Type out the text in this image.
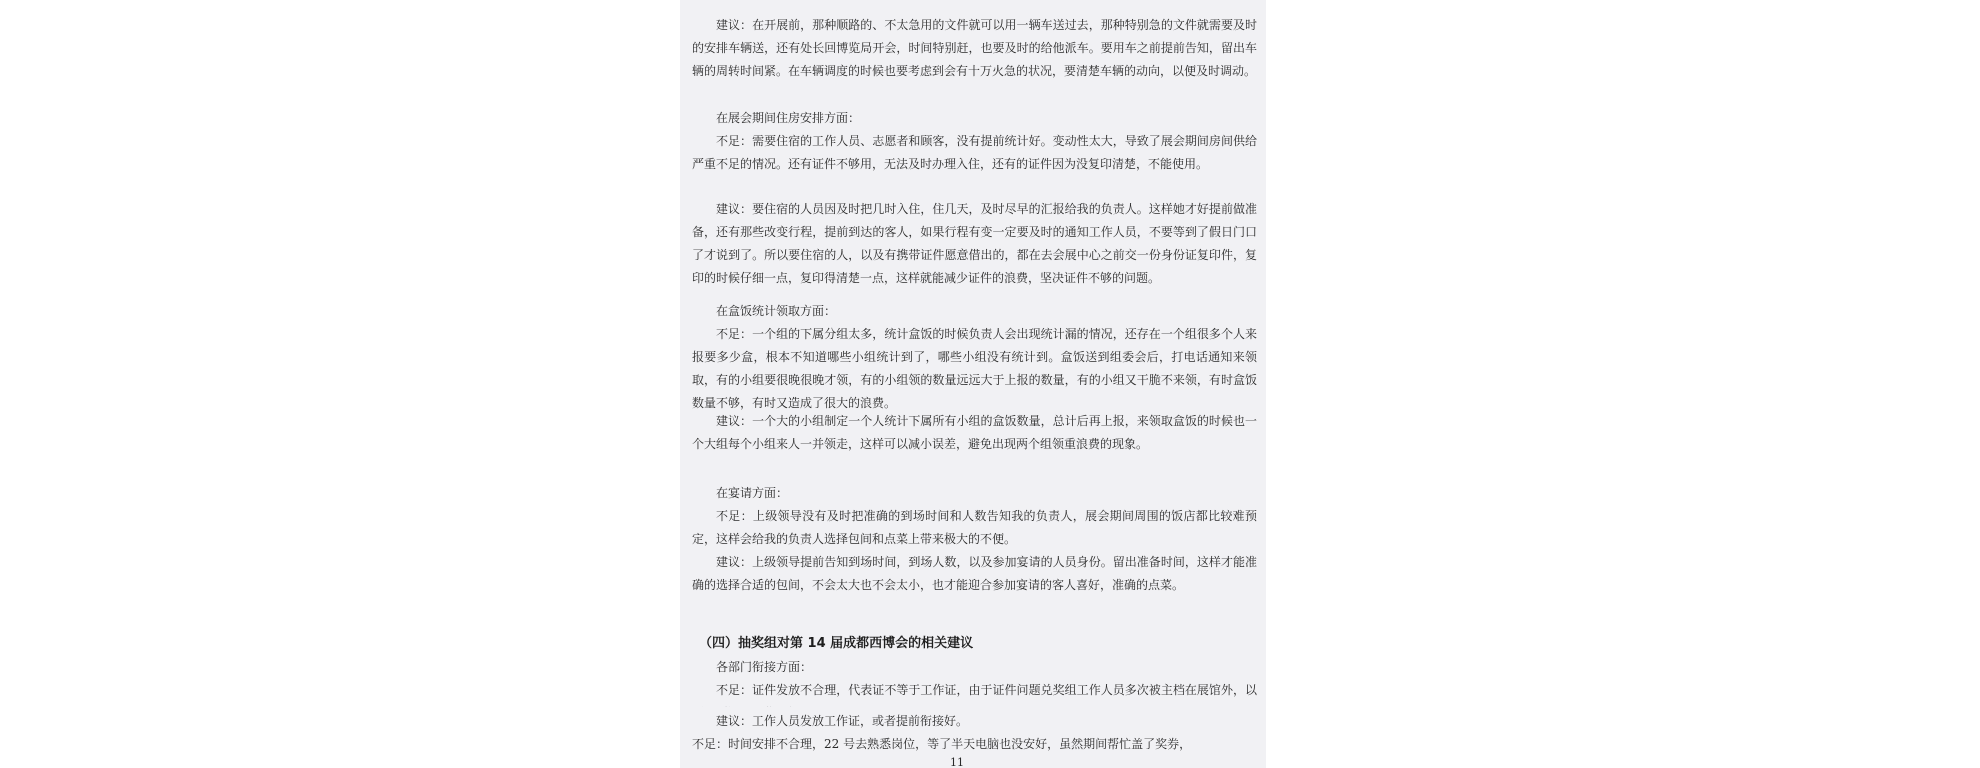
建议：在开展前，那种顺路的、不太急用的文件就可以用一辆车送过去，那种特别急的文件就需要及时的安排车辆送，还有处长回博览局开会，时间特别赶，也要及时的给他派车。要用车之前提前告知，留出车辆的周转时间紧。在车辆调度的时候也要考虑到会有十万火急的状况，要清楚车辆的动向，以便及时调动。

在展会期间住房安排方面：

不足：需要住宿的工作人员、志愿者和顾客，没有提前统计好。变动性太大，导致了展会期间房间供给严重不足的情况。还有证件不够用，无法及时办理入住，还有的证件因为没复印清楚，不能使用。

建议：要住宿的人员因及时把几时入住，住几天，及时尽早的汇报给我的负责人。这样她才好提前做准备，还有那些改变行程，提前到达的客人，如果行程有变一定要及时的通知工作人员，不要等到了假日门口了才说到了。所以要住宿的人，以及有携带证件愿意借出的，都在去会展中心之前交一份身份证复印件，复印的时候仔细一点，复印得清楚一点，这样就能减少证件的浪费，坚决证件不够的问题。

在盒饭统计领取方面：

不足：一个组的下属分组太多，统计盒饭的时候负责人会出现统计漏的情况，还存在一个组很多个人来报要多少盒，根本不知道哪些小组统计到了，哪些小组没有统计到。盒饭送到组委会后，打电话通知来领取，有的小组要很晚很晚才领，有的小组领的数量远远大于上报的数量，有的小组又干脆不来领，有时盒饭数量不够，有时又造成了很大的浪费。

建议：一个大的小组制定一个人统计下属所有小组的盒饭数量，总计后再上报，来领取盒饭的时候也一个大组每个小组来人一并领走，这样可以减小误差，避免出现两个组领重浪费的现象。

在宴请方面：

不足：上级领导没有及时把准确的到场时间和人数告知我的负责人，展会期间周围的饭店都比较难预定，这样会给我的负责人选择包间和点菜上带来极大的不便。

建议：上级领导提前告知到场时间，到场人数，以及参加宴请的人员身份。留出准备时间，这样才能准确的选择合适的包间，不会太大也不会太小，也才能迎合参加宴请的客人喜好，准确的点菜。

（四）抽奖组对第 14 届成都西博会的相关建议

各部门衔接方面：

不足：证件发放不合理，代表证不等于工作证，由于证件问题兑奖组工作人员多次被主档在展馆外，以

建议：工作人员发放工作证，或者提前衔接好。

不足：时间安排不合理，22 号去熟悉岗位，等了半天电脑也没安好，虽然期间帮忙盖了奖券，

11
